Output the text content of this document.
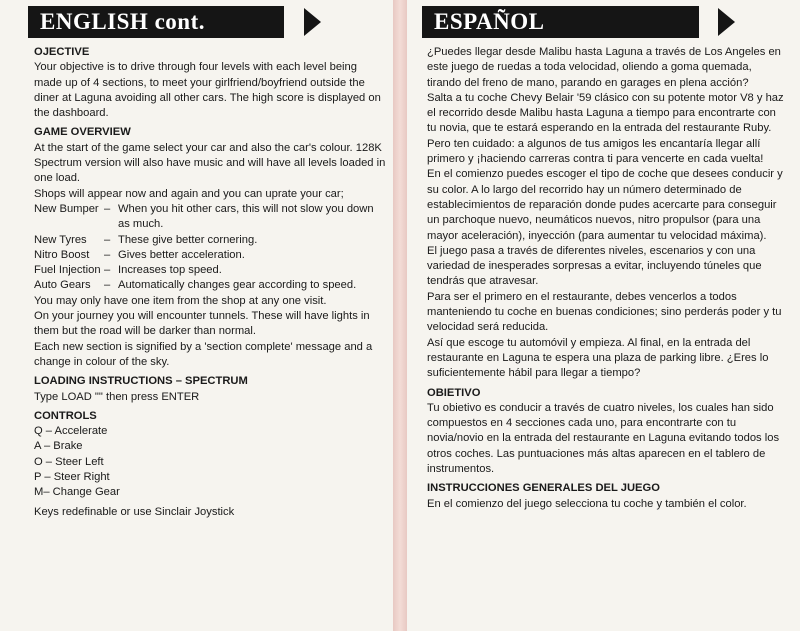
ENGLISH cont.

OJECTIVE

Your objective is to drive through four levels with each level being made up of 4 sections, to meet your girlfriend/boyfriend outside the diner at Laguna avoiding all other cars. The high score is displayed on the dashboard.

GAME OVERVIEW

At the start of the game select your car and also the car's colour. 128K Spectrum version will also have music and will have all levels loaded in one load.

Shops will appear now and again and you can uprate your car;

New Bumper – When you hit other cars, this will not slow you down as much.
New Tyres	– These give better cornering.
Nitro Boost	– Gives better acceleration.
Fuel Injection – Increases top speed.
Auto Gears	– Automatically changes gear according to speed.

You may only have one item from the shop at any one visit.

On your journey you will encounter tunnels. These will have lights in them but the road will be darker than normal.

Each new section is signified by a 'section complete' message and a change in colour of the sky.

LOADING INSTRUCTIONS – SPECTRUM

Type LOAD "" then press ENTER

CONTROLS

Q – Accelerate

A – Brake

O – Steer Left

P – Steer Right

M– Change Gear

Keys redefinable or use Sinclair Joystick

ESPAÑOL

¿Puedes llegar desde Malibu hasta Laguna a través de Los Angeles en este juego de ruedas a toda velocidad, oliendo a goma quemada, tirando del freno de mano, parando en garages en plena acción?

Salta a tu coche Chevy Belair '59 clásico con su potente motor V8 y haz el recorrido desde Malibu hasta Laguna a tiempo para encontrarte con tu novia, que te estará esperando en la entrada del restaurante Ruby.

Pero ten cuidado: a algunos de tus amigos les encantaría llegar allí primero y ¡haciendo carreras contra ti para vencerte en cada vuelta!

En el comienzo puedes escoger el tipo de coche que desees conducir y su color. A lo largo del recorrido hay un número determinado de establecimientos de reparación donde pudes acercarte para conseguir un parchoque nuevo, neumáticos nuevos, nitro propulsor (para una mayor aceleración), inyección (para aumentar tu velocidad máxima).

El juego pasa a través de diferentes niveles, escenarios y con una variedad de inesperades sorpresas a evitar, incluyendo túneles que tendrás que atravesar.

Para ser el primero en el restaurante, debes vencerlos a todos manteniendo tu coche en buenas condiciones; sino perderás poder y tu velocidad será reducida.

Así que escoge tu automóvil y empieza. Al final, en la entrada del restaurante en Laguna te espera una plaza de parking libre. ¿Eres lo suficientemente hábil para llegar a tiempo?

OBIETIVO

Tu obietivo es conducir a través de cuatro niveles, los cuales han sido compuestos en 4 secciones cada uno, para encontrarte con tu novia/novio en la entrada del restaurante en Laguna evitando todos los otros coches. Las puntuaciones más altas aparecen en el tablero de instrumentos.

INSTRUCCIONES GENERALES DEL JUEGO

En el comienzo del juego selecciona tu coche y también el color.
